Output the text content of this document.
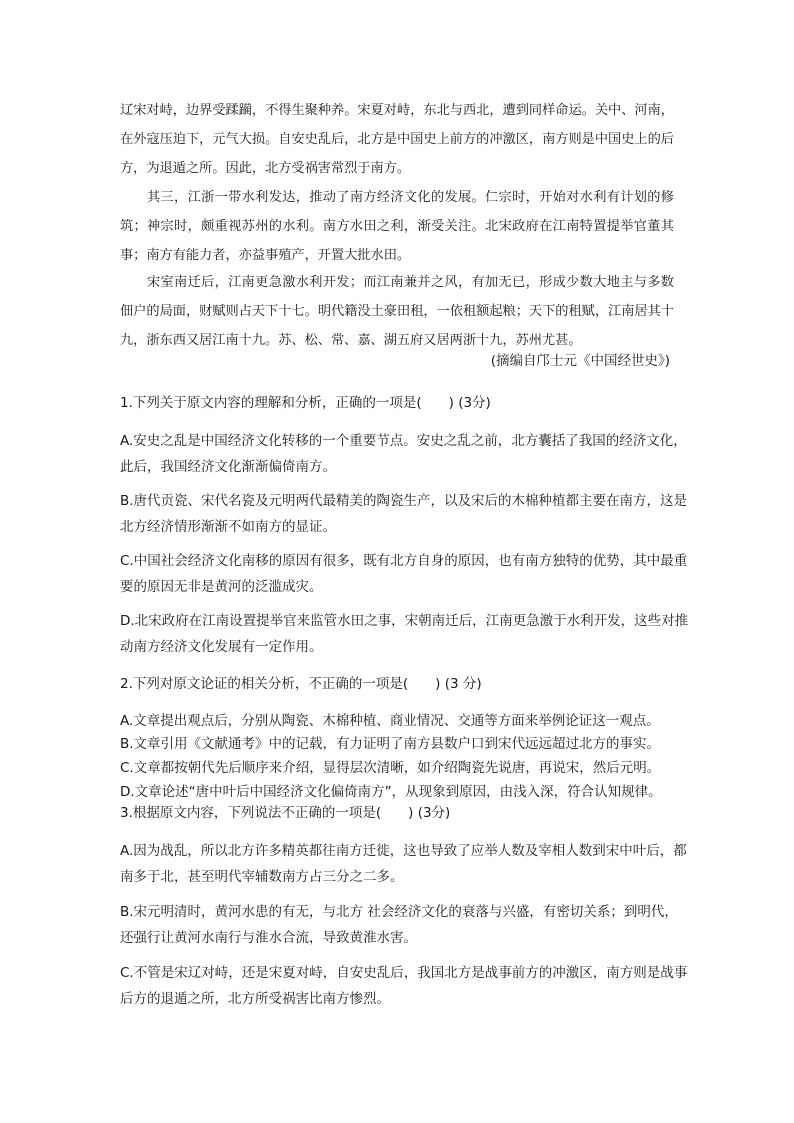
辽宋对峙，边界受蹂躏，不得生聚种养。宋夏对峙，东北与西北，遭到同样命运。关中、河南，在外寇压迫下，元气大损。自安史乱后，北方是中国史上前方的冲激区，南方则是中国史上的后方，为退遁之所。因此，北方受祸害常烈于南方。

其三，江浙一带水利发达，推动了南方经济文化的发展。仁宗时，开始对水利有计划的修筑；神宗时，颇重视苏州的水利。南方水田之利，渐受关注。北宋政府在江南特置提举官董其事；南方有能力者，亦益事殖产，开置大批水田。

宋室南迁后，江南更急激水利开发；而江南兼并之风，有加无已，形成少数大地主与多数佃户的局面，财赋则占天下十七。明代籍没土豪田租，一依租额起粮；天下的租赋，江南居其十九，浙东西又居江南十九。苏、松、常、嘉、湖五府又居两浙十九，苏州尤甚。

(摘编自邝士元《中国经世史》)

1.下列关于原文内容的理解和分析，正确的一项是(　　) (3分)

A.安史之乱是中国经济文化转移的一个重要节点。安史之乱之前，北方囊括了我国的经济文化，此后，我国经济文化渐渐偏倚南方。

B.唐代贡瓷、宋代名瓷及元明两代最精美的陶瓷生产，以及宋后的木棉种植都主要在南方，这是北方经济情形渐渐不如南方的显证。

C.中国社会经济文化南移的原因有很多，既有北方自身的原因，也有南方独特的优势，其中最重要的原因无非是黄河的泛滥成灾。

D.北宋政府在江南设置提举官来监管水田之事，宋朝南迁后，江南更急激于水利开发，这些对推动南方经济文化发展有一定作用。

2.下列对原文论证的相关分析，不正确的一项是(　　) (3 分)

A.文章提出观点后，分别从陶瓷、木棉种植、商业情况、交通等方面来举例论证这一观点。

B.文章引用《文献通考》中的记载，有力证明了南方县数户口到宋代远远超过北方的事实。

C.文章都按朝代先后顺序来介绍，显得层次清晰，如介绍陶瓷先说唐，再说宋，然后元明。

D.文章论述“唐中叶后中国经济文化偏倚南方”，从现象到原因，由浅入深，符合认知规律。

3.根据原文内容，下列说法不正确的一项是(　　) (3分)

A.因为战乱，所以北方许多精英都往南方迁徙，这也导致了应举人数及宰相人数到宋中叶后，都南多于北，甚至明代宰辅数南方占三分之二多。

B.宋元明清时，黄河水患的有无，与北方 社会经济文化的衰落与兴盛，有密切关系；到明代，还强行让黄河水南行与淮水合流，导致黄淮水害。

C.不管是宋辽对峙，还是宋夏对峙，自安史乱后，我国北方是战事前方的冲激区，南方则是战事后方的退遁之所，北方所受祸害比南方惨烈。
